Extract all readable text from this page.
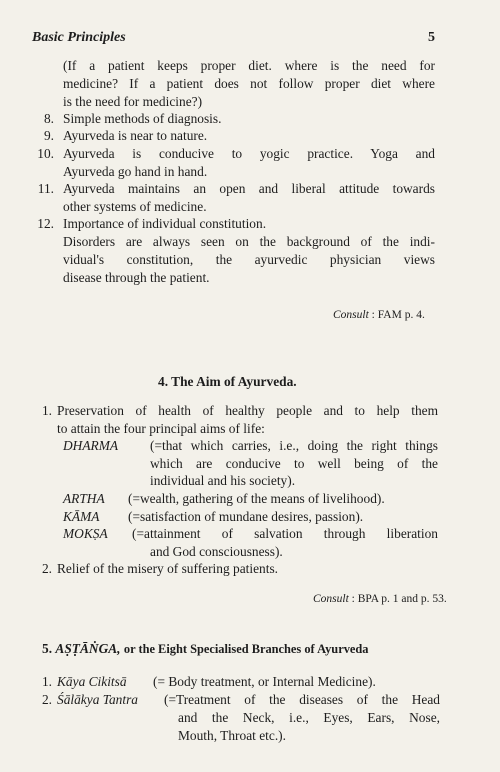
Basic Principles	5
(If a patient keeps proper diet. where is the need for
medicine? If a patient does not follow proper diet where
is the need for medicine?)
8. Simple methods of diagnosis.
9. Ayurveda is near to nature.
10. Ayurveda is conducive to yogic practice. Yoga and
Ayurveda go hand in hand.
11. Ayurveda maintains an open and liberal attitude towards
other systems of medicine.
12. Importance of individual constitution.
Disorders are always seen on the background of the indi-
vidual's constitution, the ayurvedic physician views
disease through the patient.
Consult : FAM p. 4.
4. The Aim of Ayurveda.
1. Preservation of health of healthy people and to help them
to attain the four principal aims of life:
DHARMA (=that which carries, i.e., doing the right things
which are conducive to well being of the
individual and his society).
ARTHA (=wealth, gathering of the means of livelihood).
KĀMA (=satisfaction of mundane desires, passion).
MOKṢA (=attainment of salvation through liberation
and God consciousness).
2. Relief of the misery of suffering patients.
Consult : BPA p. 1 and p. 53.
5. AṢṬĀṄGA, or the Eight Specialised Branches of Ayurveda
1. Kāya Cikitsā (= Body treatment, or Internal Medicine).
2. Śālākya Tantra (=Treatment of the diseases of the Head
and the Neck, i.e., Eyes, Ears, Nose,
Mouth, Throat etc.).
